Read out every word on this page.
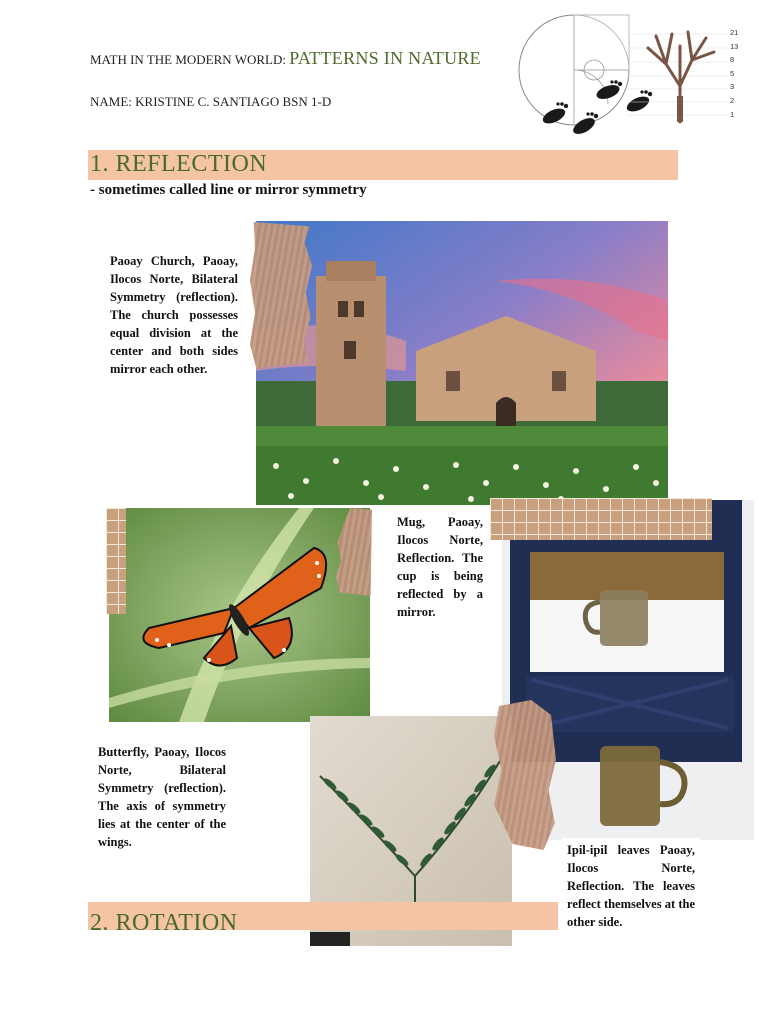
MATH IN THE MODERN WORLD: PATTERNS IN NATURE
NAME: KRISTINE C. SANTIAGO BSN 1-D
21
13
8
5
3
2
1
1. REFLECTION
- sometimes called line or mirror symmetry
Paoay Church, Paoay, Ilocos Norte, Bilateral Symmetry (reflection). The church possesses equal division at the center and both sides mirror each other.
Mug, Paoay, Ilocos Norte, Reflection. The cup is being reflected by a mirror.
Butterfly, Paoay, Ilocos Norte, Bilateral Symmetry (reflection). The axis of symmetry lies at the center of the wings.
Ipil-ipil leaves Paoay, Ilocos Norte, Reflection. The leaves reflect themselves at the other side.
2. ROTATION
